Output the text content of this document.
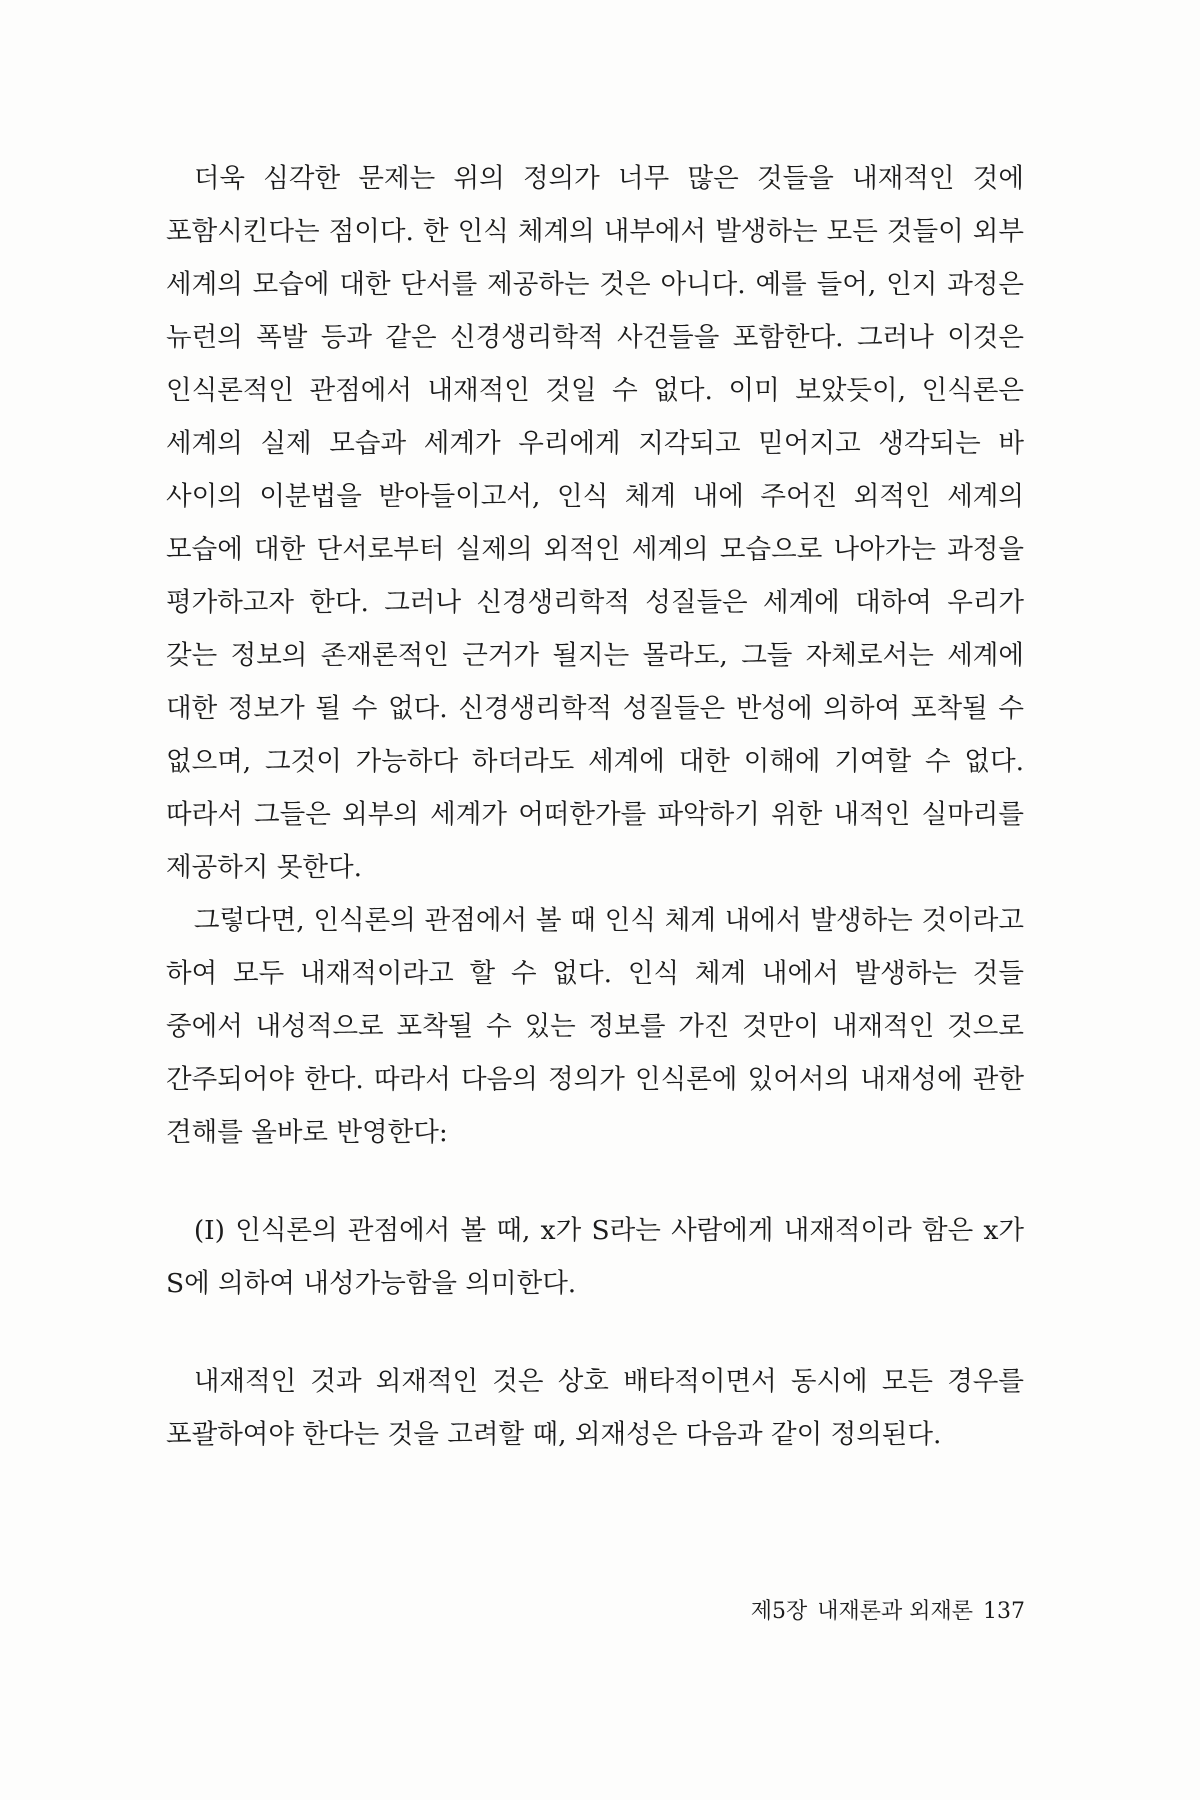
더욱 심각한 문제는 위의 정의가 너무 많은 것들을 내재적인 것에 포함시킨다는 점이다. 한 인식 체계의 내부에서 발생하는 모든 것들이 외부 세계의 모습에 대한 단서를 제공하는 것은 아니다. 예를 들어, 인지 과정은 뉴런의 폭발 등과 같은 신경생리학적 사건들을 포함한다. 그러나 이것은 인식론적인 관점에서 내재적인 것일 수 없다. 이미 보았듯이, 인식론은 세계의 실제 모습과 세계가 우리에게 지각되고 믿어지고 생각되는 바 사이의 이분법을 받아들이고서, 인식 체계 내에 주어진 외적인 세계의 모습에 대한 단서로부터 실제의 외적인 세계의 모습으로 나아가는 과정을 평가하고자 한다. 그러나 신경생리학적 성질들은 세계에 대하여 우리가 갖는 정보의 존재론적인 근거가 될지는 몰라도, 그들 자체로서는 세계에 대한 정보가 될 수 없다. 신경생리학적 성질들은 반성에 의하여 포착될 수 없으며, 그것이 가능하다 하더라도 세계에 대한 이해에 기여할 수 없다. 따라서 그들은 외부의 세계가 어떠한가를 파악하기 위한 내적인 실마리를 제공하지 못한다.

그렇다면, 인식론의 관점에서 볼 때 인식 체계 내에서 발생하는 것이라고 하여 모두 내재적이라고 할 수 없다. 인식 체계 내에서 발생하는 것들 중에서 내성적으로 포착될 수 있는 정보를 가진 것만이 내재적인 것으로 간주되어야 한다. 따라서 다음의 정의가 인식론에 있어서의 내재성에 관한 견해를 올바로 반영한다:

(I) 인식론의 관점에서 볼 때, x가 S라는 사람에게 내재적이라 함은 x가 S에 의하여 내성가능함을 의미한다.

내재적인 것과 외재적인 것은 상호 배타적이면서 동시에 모든 경우를 포괄하여야 한다는 것을 고려할 때, 외재성은 다음과 같이 정의된다.

제5장 내재론과 외재론 137
